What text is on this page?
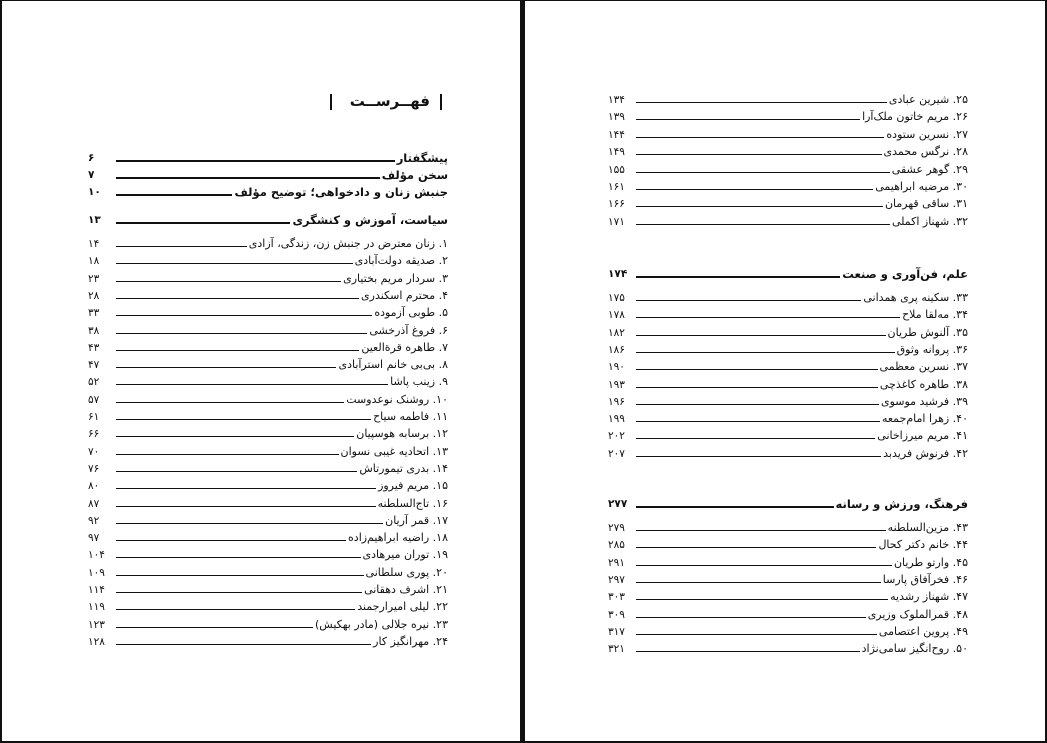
فهــرســت
پیشگفتار
۶
سخن مؤلف
۷
جنبش زنان و دادخواهی؛ توضیح مؤلف
۱۰
سیاست، آموزش و کنشگری
۱۳
۱. زنان معترض در جنبش زن، زندگی، آزادی
۱۴
۲. صدیقه دولت‌آبادی
۱۸
۳. سردار مریم بختیاری
۲۳
۴. محترم اسکندری
۲۸
۵. طوبی آزموده
۳۳
۶. فروغ آذرخشی
۳۸
۷. طاهره قرةالعین
۴۳
۸. بی‌بی خانم استرآبادی
۴۷
۹. زینب پاشا
۵۲
۱۰. روشنک نوعدوست
۵۷
۱۱. فاطمه سیاح
۶۱
۱۲. برسابه هوسپیان
۶۶
۱۳. اتحادیه غیبی نسوان
۷۰
۱۴. بدری تیمورتاش
۷۶
۱۵. مریم فیروز
۸۰
۱۶. تاج‌السلطنه
۸۷
۱۷. قمر آریان
۹۲
۱۸. راضیه ابراهیم‌زاده
۹۷
۱۹. توران میرهادی
۱۰۴
۲۰. پوری سلطانی
۱۰۹
۲۱. اشرف دهقانی
۱۱۴
۲۲. لیلی امیرارجمند
۱۱۹
۲۳. نیره جلالی (مادر بهکیش)
۱۲۳
۲۴. مهرانگیز کار
۱۲۸
۲۵. شیرین عبادی
۱۳۴
۲۶. مریم خاتون ملک‌آرا
۱۳۹
۲۷. نسرین ستوده
۱۴۴
۲۸. نرگس محمدی
۱۴۹
۲۹. گوهر عشقی
۱۵۵
۳۰. مرضیه ابراهیمی
۱۶۱
۳۱. ساقی قهرمان
۱۶۶
۳۲. شهناز اکملی
۱۷۱
علم، فن‌آوری و صنعت
۱۷۴
۳۳. سکینه پری همدانی
۱۷۵
۳۴. مه‌لقا ملاح
۱۷۸
۳۵. آلنوش طریان
۱۸۲
۳۶. پروانه وثوق
۱۸۶
۳۷. نسرین معظمی
۱۹۰
۳۸. طاهره کاغذچی
۱۹۳
۳۹. فرشید موسوی
۱۹۶
۴۰. زهرا امام‌جمعه
۱۹۹
۴۱. مریم میرزاخانی
۲۰۲
۴۲. فرنوش فریدبد
۲۰۷
فرهنگ، ورزش و رسانه
۲۷۷
۴۳. مزین‌السلطنه
۲۷۹
۴۴. خانم دکتر کحال
۲۸۵
۴۵. وارتو طریان
۲۹۱
۴۶. فخرآفاق پارسا
۲۹۷
۴۷. شهناز رشدیه
۳۰۳
۴۸. قمرالملوک وزیری
۳۰۹
۴۹. پروین اعتصامی
۳۱۷
۵۰. روح‌انگیز سامی‌نژاد
۳۲۱
